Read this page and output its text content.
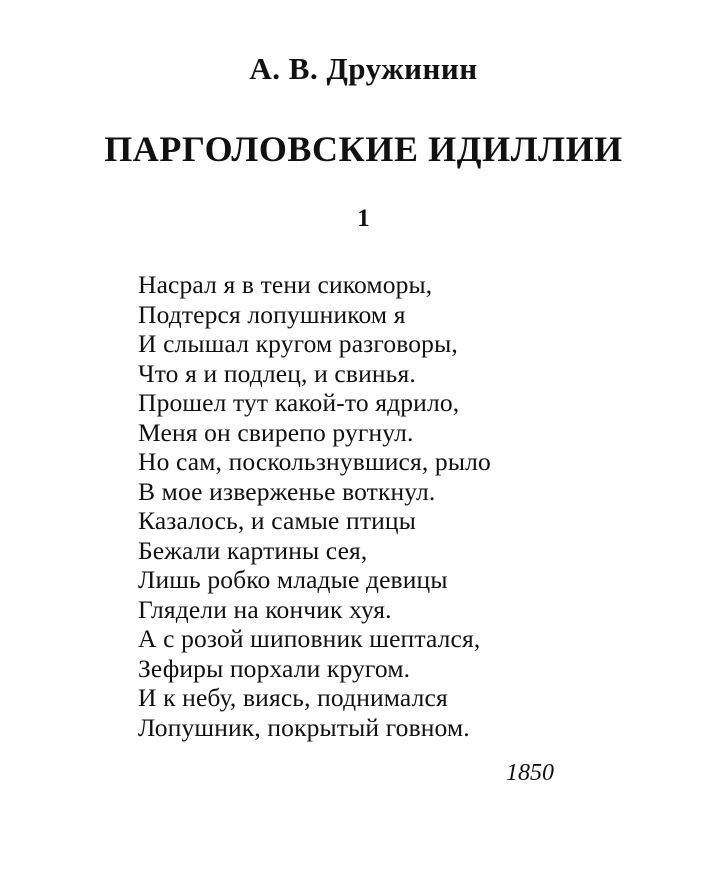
А. В. Дружинин
ПАРГОЛОВСКИЕ ИДИЛЛИИ
1
Насрал я в тени сикоморы,
Подтерся лопушником я
И слышал кругом разговоры,
Что я и подлец, и свинья.
Прошел тут какой-то ядрило,
Меня он свирепо ругнул.
Но сам, поскользнувшися, рыло
В мое изверженье воткнул.
Казалось, и самые птицы
Бежали картины сея,
Лишь робко младые девицы
Глядели на кончик хуя.
А с розой шиповник шептался,
Зефиры порхали кругом.
И к небу, виясь, поднимался
Лопушник, покрытый говном.
1850
